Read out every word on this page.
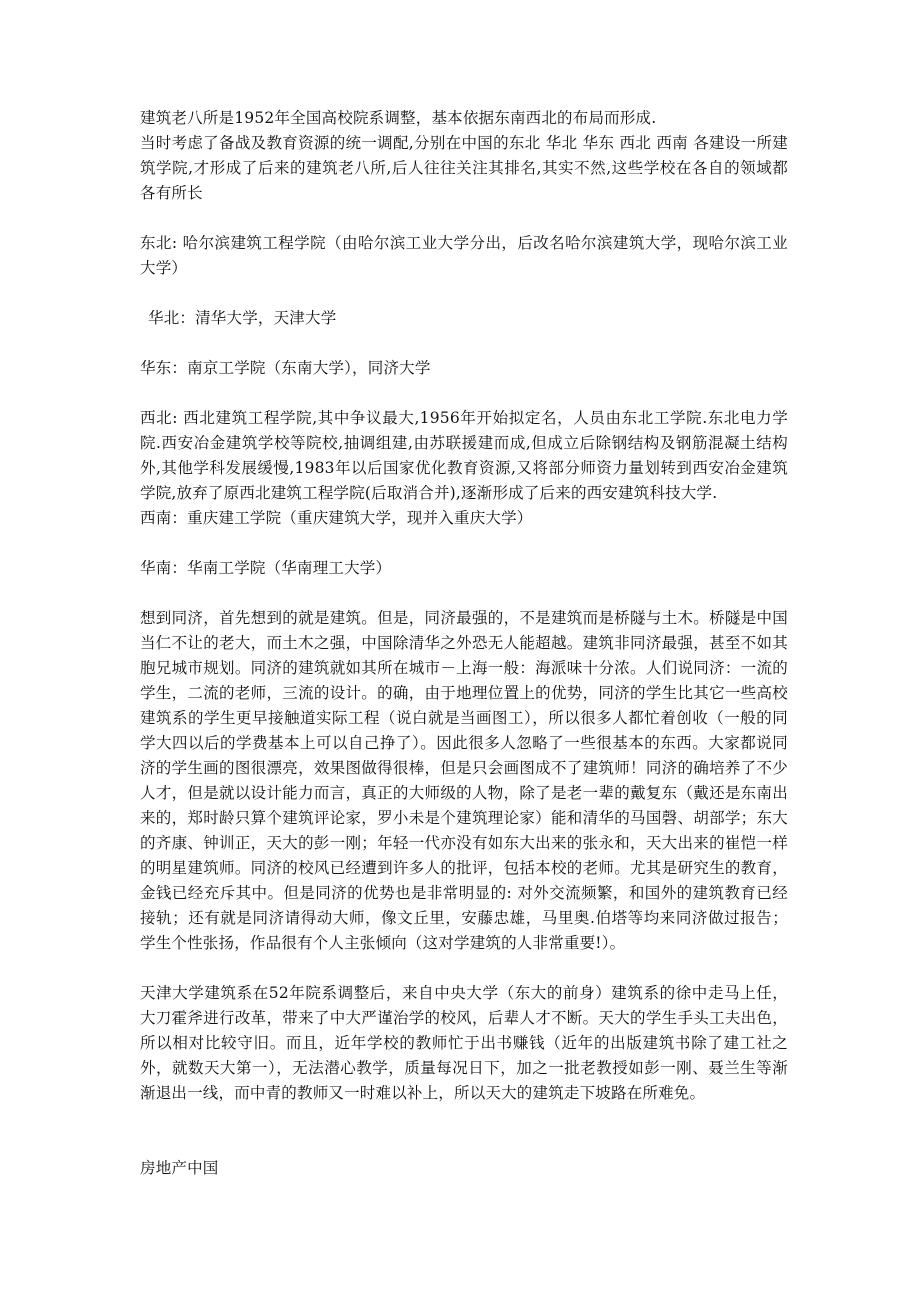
建筑老八所是1952年全国高校院系调整，基本依据东南西北的布局而形成.

当时考虑了备战及教育资源的统一调配,分别在中国的东北 华北 华东 西北 西南 各建设一所建筑学院,才形成了后来的建筑老八所,后人往往关注其排名,其实不然,这些学校在各自的领域都各有所长

东北: 哈尔滨建筑工程学院（由哈尔滨工业大学分出，后改名哈尔滨建筑大学，现哈尔滨工业大学）

华北：清华大学，天津大学

华东：南京工学院（东南大学），同济大学

西北: 西北建筑工程学院,其中争议最大,1956年开始拟定名，人员由东北工学院.东北电力学院.西安冶金建筑学校等院校,抽调组建,由苏联援建而成,但成立后除钢结构及钢筋混凝土结构外,其他学科发展缓慢,1983年以后国家优化教育资源,又将部分师资力量划转到西安冶金建筑学院,放弃了原西北建筑工程学院(后取消合并),逐渐形成了后来的西安建筑科技大学.

西南：重庆建工学院（重庆建筑大学，现并入重庆大学）

华南：华南工学院（华南理工大学）

想到同济，首先想到的就是建筑。但是，同济最强的，不是建筑而是桥隧与土木。桥隧是中国当仁不让的老大，而土木之强，中国除清华之外恐无人能超越。建筑非同济最强，甚至不如其胞兄城市规划。同济的建筑就如其所在城市－上海一般：海派味十分浓。人们说同济：一流的学生，二流的老师，三流的设计。的确，由于地理位置上的优势，同济的学生比其它一些高校建筑系的学生更早接触道实际工程（说白就是当画图工），所以很多人都忙着创收（一般的同学大四以后的学费基本上可以自己挣了）。因此很多人忽略了一些很基本的东西。大家都说同济的学生画的图很漂亮，效果图做得很棒，但是只会画图成不了建筑师！同济的确培养了不少人才，但是就以设计能力而言，真正的大师级的人物，除了是老一辈的戴复东（戴还是东南出来的，郑时龄只算个建筑评论家，罗小未是个建筑理论家）能和清华的马国磬、胡部学；东大的齐康、钟训正，天大的彭一刚；年轻一代亦没有如东大出来的张永和，天大出来的崔恺一样的明星建筑师。同济的校风已经遭到许多人的批评，包括本校的老师。尤其是研究生的教育，金钱已经充斥其中。但是同济的优势也是非常明显的: 对外交流频繁，和国外的建筑教育已经接轨；还有就是同济请得动大师，像文丘里，安藤忠雄，马里奥.伯塔等均来同济做过报告；学生个性张扬，作品很有个人主张倾向（这对学建筑的人非常重要!）。

天津大学建筑系在52年院系调整后，来自中央大学（东大的前身）建筑系的徐中走马上任，大刀霍斧进行改革，带来了中大严谨治学的校风，后辈人才不断。天大的学生手头工夫出色，所以相对比较守旧。而且，近年学校的教师忙于出书赚钱（近年的出版建筑书除了建工社之外，就数天大第一），无法潜心教学，质量每况日下，加之一批老教授如彭一刚、聂兰生等渐渐退出一线，而中青的教师又一时难以补上，所以天大的建筑走下坡路在所难免。

房地产中国
